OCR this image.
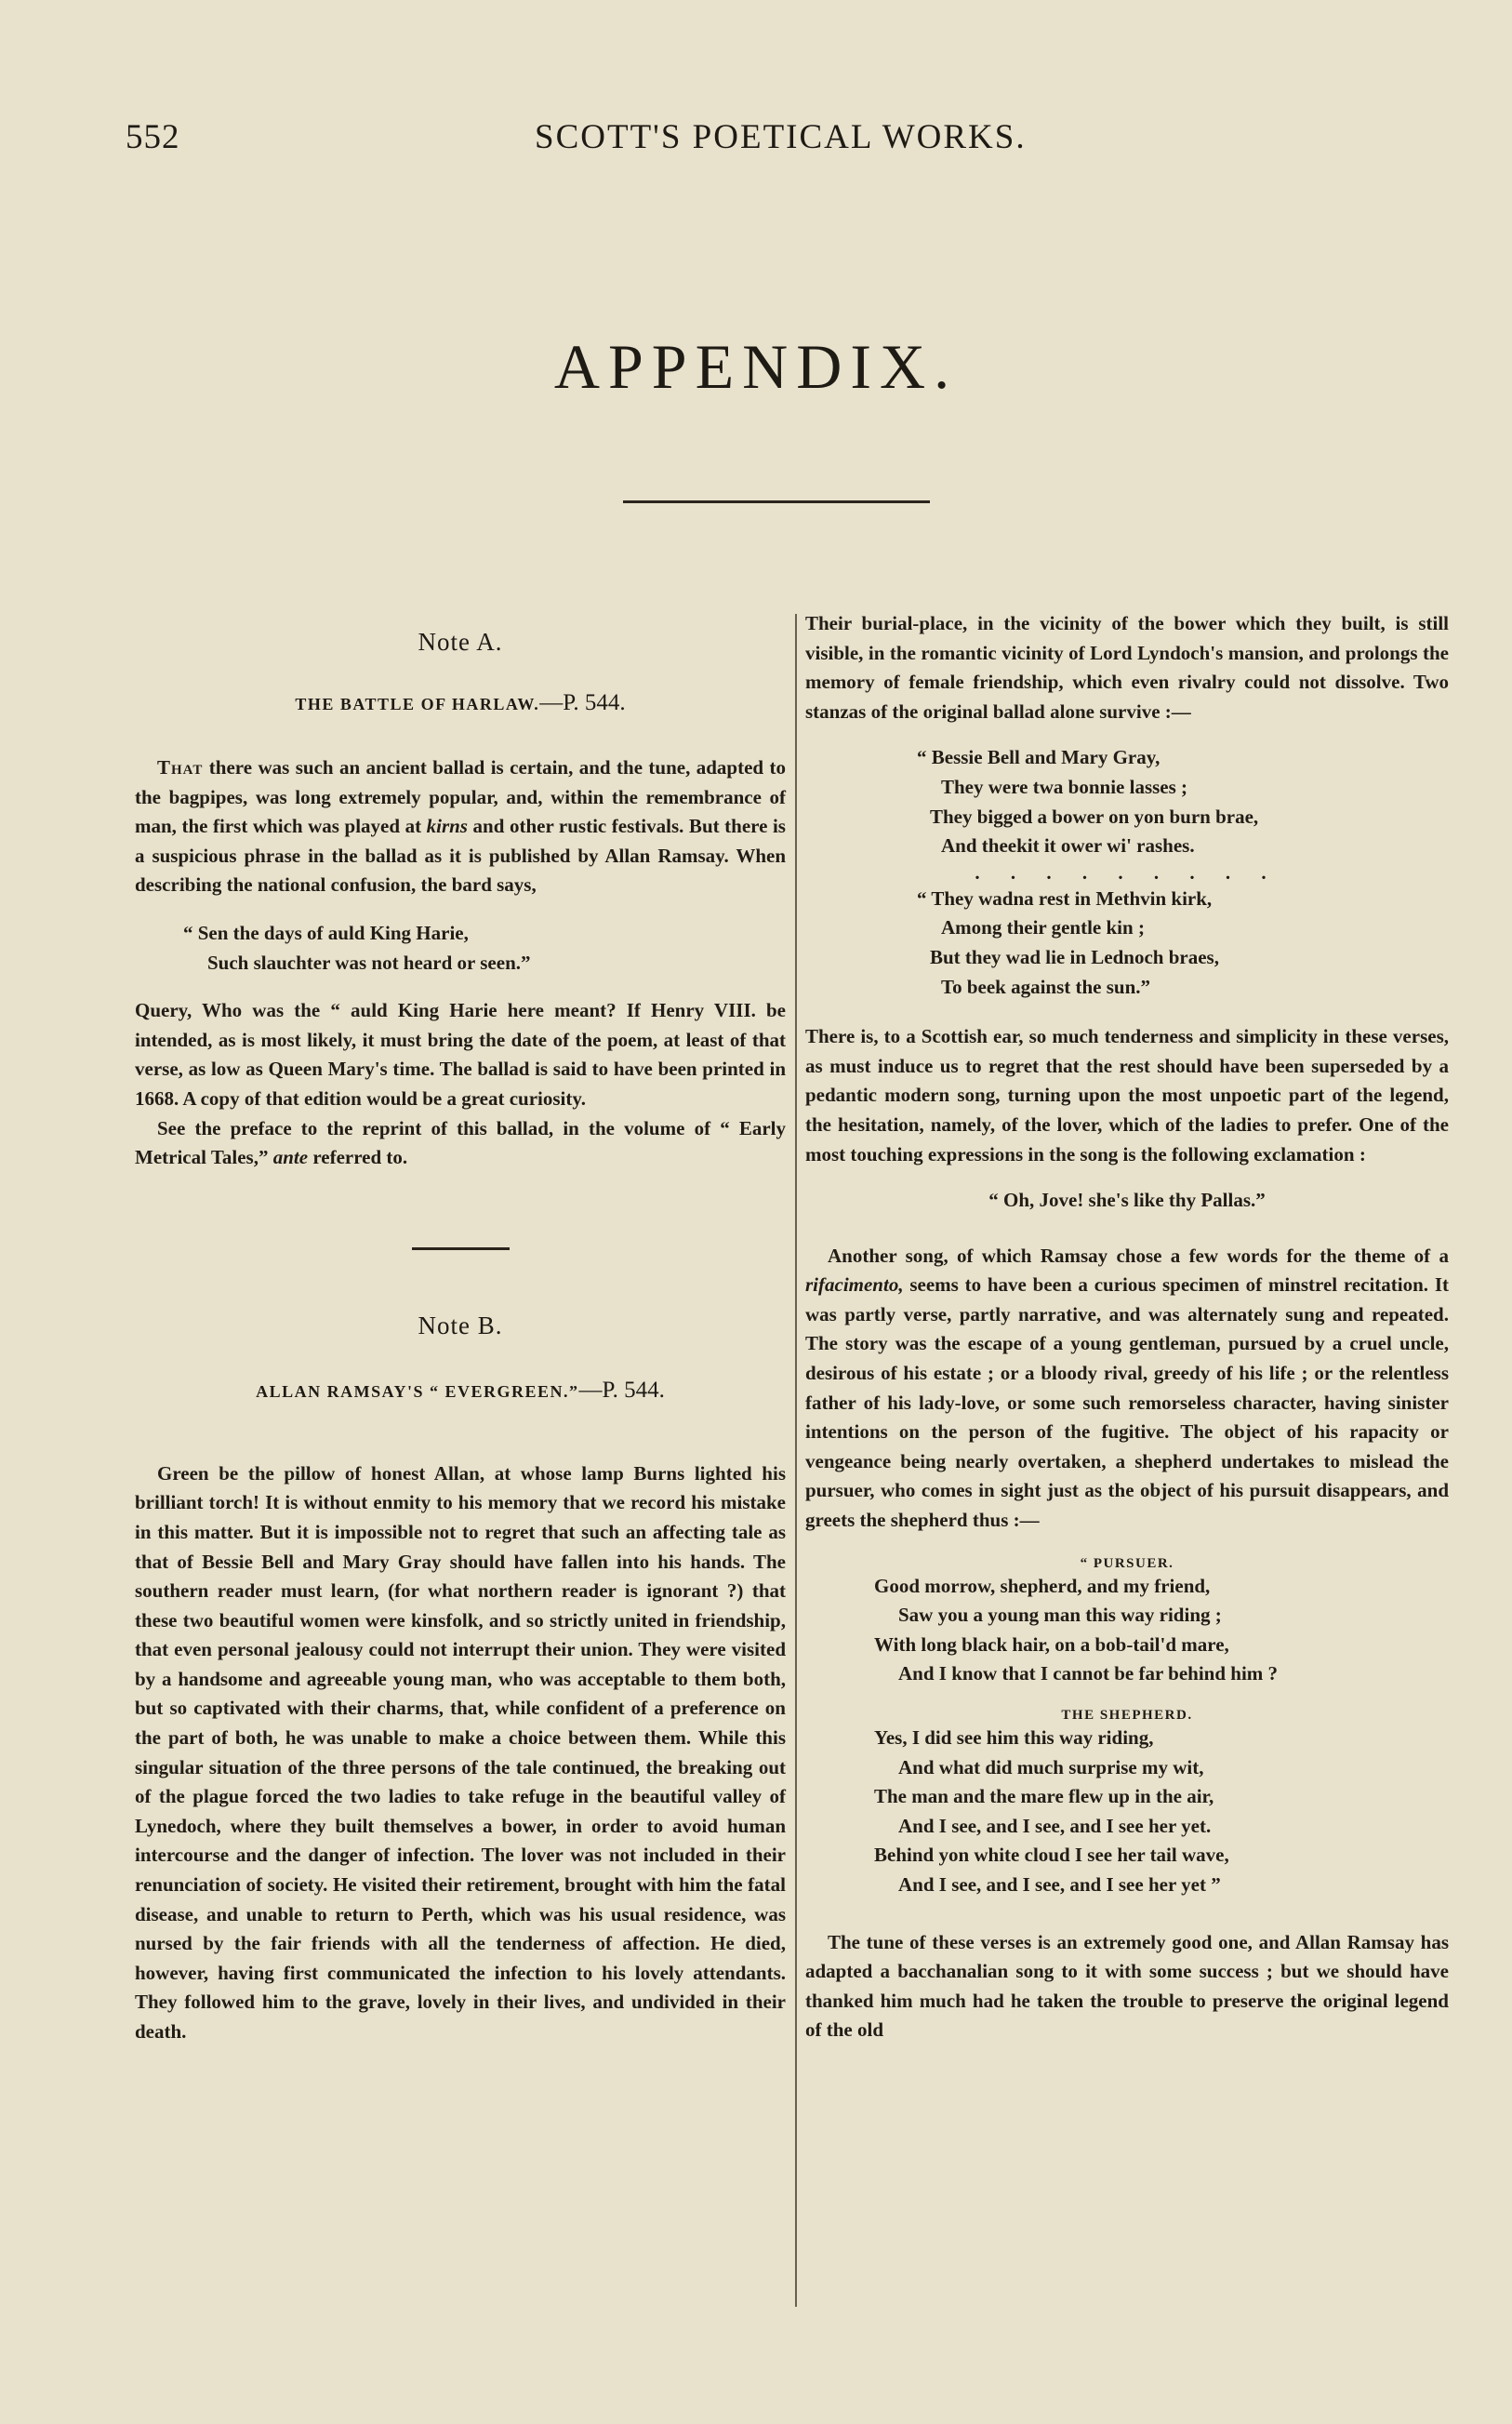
552	SCOTT'S POETICAL WORKS.
APPENDIX.

Note A.

THE BATTLE OF HARLAW.—P. 544.

That there was such an ancient ballad is certain, and the tune, adapted to the bagpipes, was long extremely popular, and, within the remembrance of man, the first which was played at kirns and other rustic festivals. But there is a suspicious phrase in the ballad as it is published by Allan Ramsay. When describing the national confusion, the bard says,

“ Sen the days of auld King Harie,
Such slauchter was not heard or seen.”

Query, Who was the “ auld King Harie here meant? If Henry VIII. be intended, as is most likely, it must bring the date of the poem, at least of that verse, as low as Queen Mary's time. The ballad is said to have been printed in 1668. A copy of that edition would be a great curiosity.

See the preface to the reprint of this ballad, in the volume of “ Early Metrical Tales,” ante referred to.

Note B.

ALLAN RAMSAY'S “ EVERGREEN.”—P. 544.

Green be the pillow of honest Allan, at whose lamp Burns lighted his brilliant torch! It is without enmity to his memory that we record his mistake in this matter. But it is impossible not to regret that such an affecting tale as that of Bessie Bell and Mary Gray should have fallen into his hands. The southern reader must learn, (for what northern reader is ignorant ?) that these two beautiful women were kinsfolk, and so strictly united in friendship, that even personal jealousy could not interrupt their union. They were visited by a handsome and agreeable young man, who was acceptable to them both, but so captivated with their charms, that, while confident of a preference on the part of both, he was unable to make a choice between them. While this singular situation of the three persons of the tale continued, the breaking out of the plague forced the two ladies to take refuge in the beautiful valley of Lynedoch, where they built themselves a bower, in order to avoid human intercourse and the danger of infection. The lover was not included in their renunciation of society. He visited their retirement, brought with him the fatal disease, and unable to return to Perth, which was his usual residence, was nursed by the fair friends with all the tenderness of affection. He died, however, having first communicated the infection to his lovely attendants. They followed him to the grave, lovely in their lives, and undivided in their death.

Their burial-place, in the vicinity of the bower which they built, is still visible, in the romantic vicinity of Lord Lyndoch's mansion, and prolongs the memory of female friendship, which even rivalry could not dissolve. Two stanzas of the original ballad alone survive :—

“ Bessie Bell and Mary Gray,
They were twa bonnie lasses ;
They bigged a bower on yon burn brae,
And theekit it ower wi' rashes.
. . . . . . . . .
“ They wadna rest in Methvin kirk,
Among their gentle kin ;
But they wad lie in Lednoch braes,
To beek against the sun.”

There is, to a Scottish ear, so much tenderness and simplicity in these verses, as must induce us to regret that the rest should have been superseded by a pedantic modern song, turning upon the most unpoetic part of the legend, the hesitation, namely, of the lover, which of the ladies to prefer. One of the most touching expressions in the song is the following exclamation :

“ Oh, Jove! she's like thy Pallas.”

Another song, of which Ramsay chose a few words for the theme of a rifacimento, seems to have been a curious specimen of minstrel recitation. It was partly verse, partly narrative, and was alternately sung and repeated. The story was the escape of a young gentleman, pursued by a cruel uncle, desirous of his estate ; or a bloody rival, greedy of his life ; or the relentless father of his lady-love, or some such remorseless character, having sinister intentions on the person of the fugitive. The object of his rapacity or vengeance being nearly overtaken, a shepherd undertakes to mislead the pursuer, who comes in sight just as the object of his pursuit disappears, and greets the shepherd thus :—

“ PURSUER.

Good morrow, shepherd, and my friend,
Saw you a young man this way riding ;
With long black hair, on a bob-tail'd mare,
And I know that I cannot be far behind him ?

THE SHEPHERD.

Yes, I did see him this way riding,
And what did much surprise my wit,
The man and the mare flew up in the air,
And I see, and I see, and I see her yet.
Behind yon white cloud I see her tail wave,
And I see, and I see, and I see her yet ”

The tune of these verses is an extremely good one, and Allan Ramsay has adapted a bacchanalian song to it with some success ; but we should have thanked him much had he taken the trouble to preserve the original legend of the old
